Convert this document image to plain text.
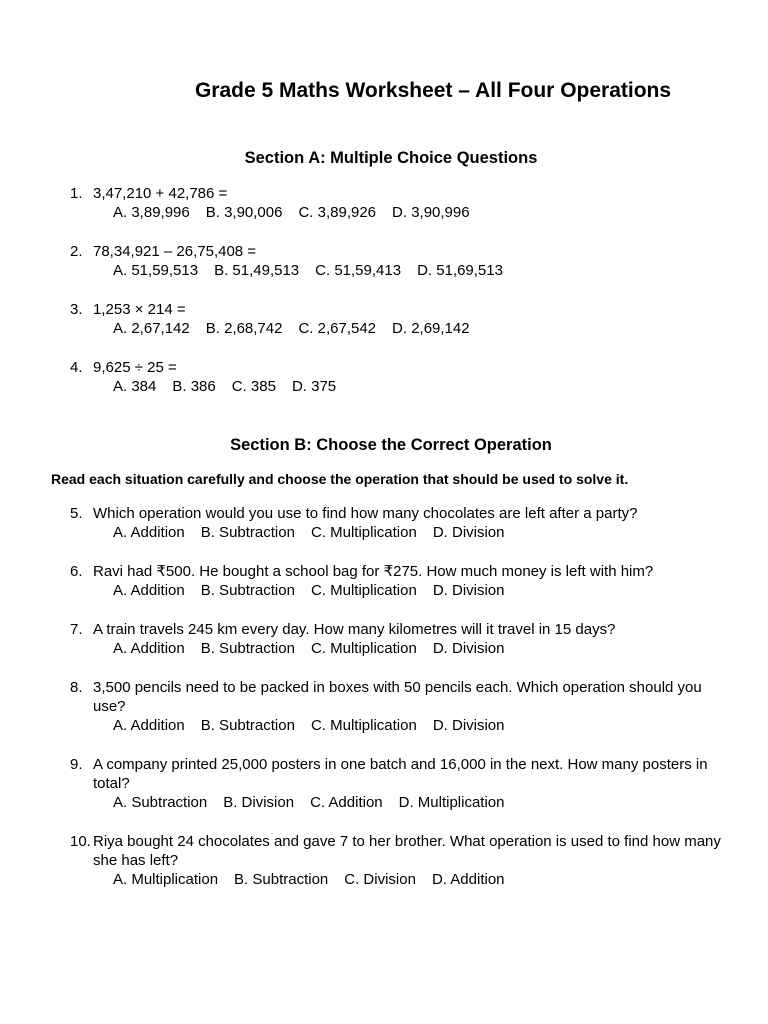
Grade 5 Maths Worksheet – All Four Operations
Section A: Multiple Choice Questions
1. 3,47,210 + 42,786 =
A. 3,89,996 B. 3,90,006 C. 3,89,926 D. 3,90,996
2. 78,34,921 – 26,75,408 =
A. 51,59,513 B. 51,49,513 C. 51,59,413 D. 51,69,513
3. 1,253 × 214 =
A. 2,67,142 B. 2,68,742 C. 2,67,542 D. 2,69,142
4. 9,625 ÷ 25 =
A. 384 B. 386 C. 385 D. 375
Section B: Choose the Correct Operation
Read each situation carefully and choose the operation that should be used to solve it.
5. Which operation would you use to find how many chocolates are left after a party?
A. Addition B. Subtraction C. Multiplication D. Division
6. Ravi had ₹500. He bought a school bag for ₹275. How much money is left with him?
A. Addition B. Subtraction C. Multiplication D. Division
7. A train travels 245 km every day. How many kilometres will it travel in 15 days?
A. Addition B. Subtraction C. Multiplication D. Division
8. 3,500 pencils need to be packed in boxes with 50 pencils each. Which operation should you use?
A. Addition B. Subtraction C. Multiplication D. Division
9. A company printed 25,000 posters in one batch and 16,000 in the next. How many posters in total?
A. Subtraction B. Division C. Addition D. Multiplication
10. Riya bought 24 chocolates and gave 7 to her brother. What operation is used to find how many she has left?
A. Multiplication B. Subtraction C. Division D. Addition
